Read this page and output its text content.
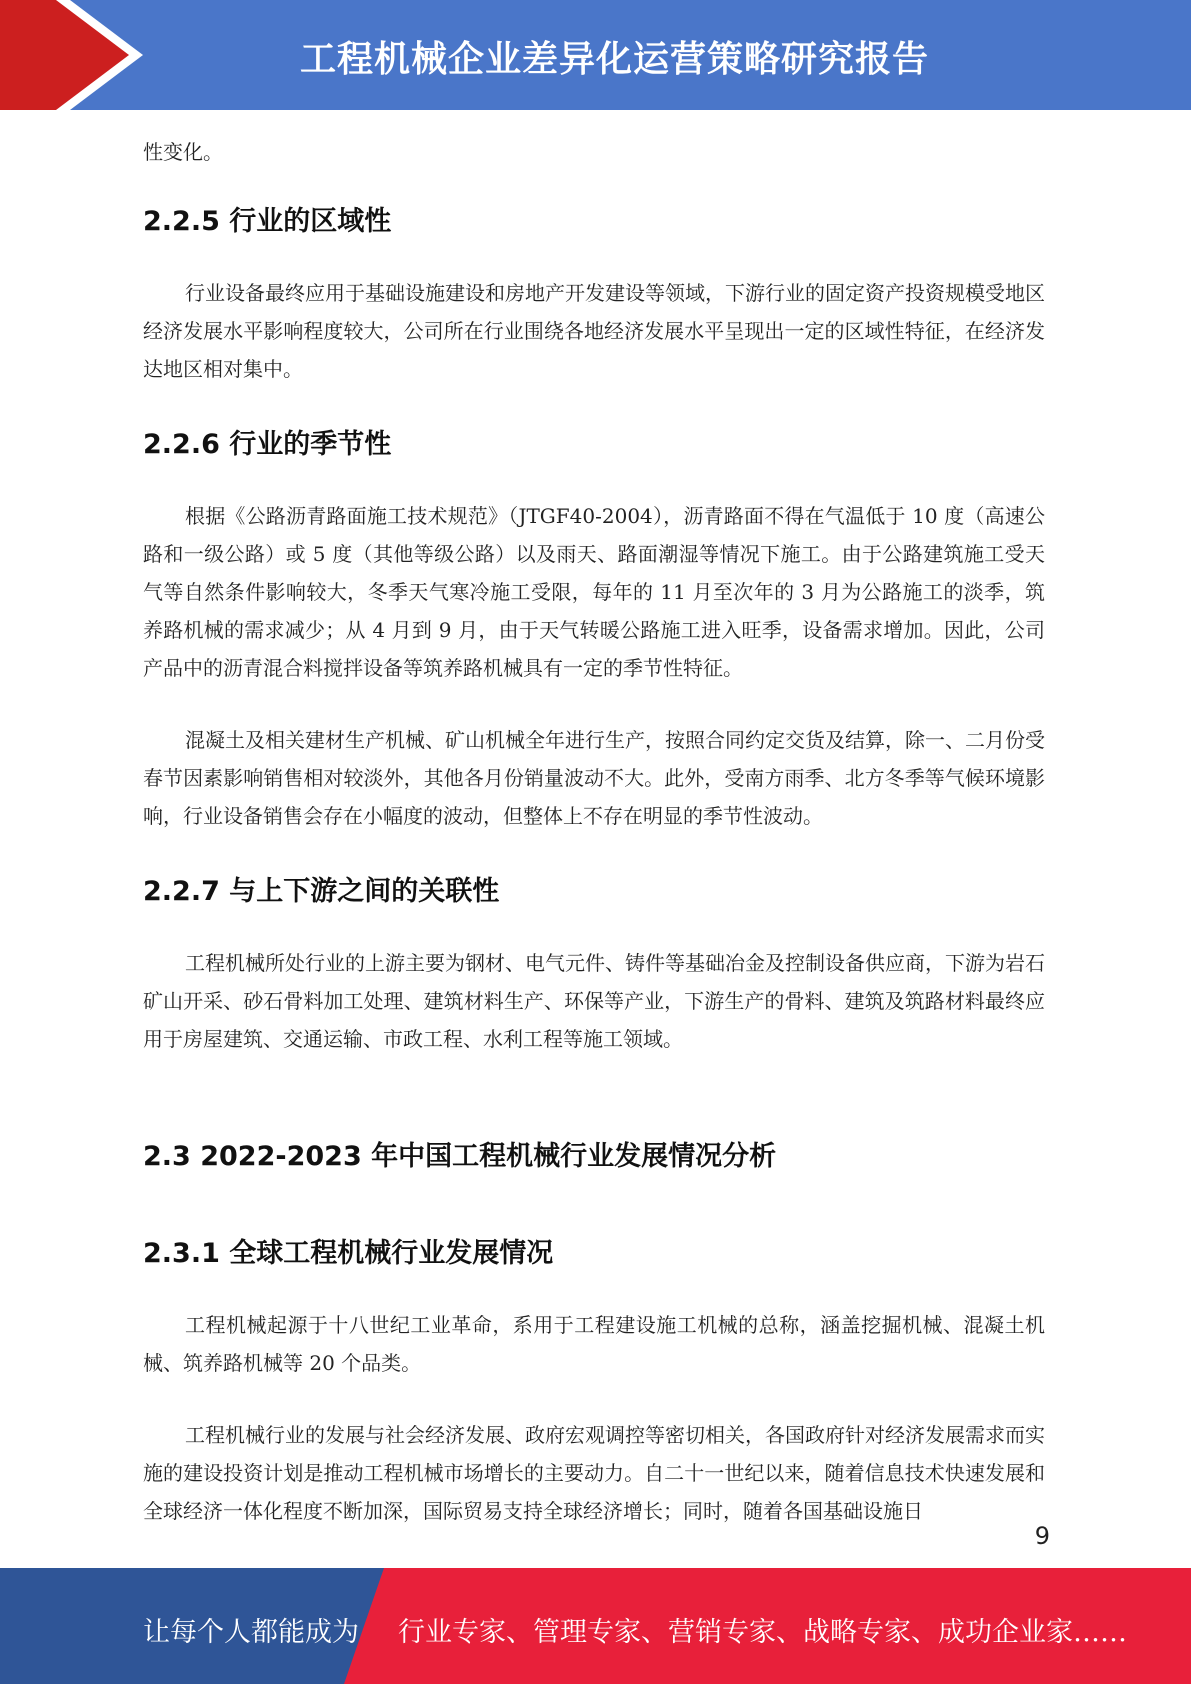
工程机械企业差异化运营策略研究报告

性变化。

2.2.5 行业的区域性

行业设备最终应用于基础设施建设和房地产开发建设等领域，下游行业的固定资产投资规模受地区经济发展水平影响程度较大，公司所在行业围绕各地经济发展水平呈现出一定的区域性特征，在经济发达地区相对集中。

2.2.6 行业的季节性

根据《公路沥青路面施工技术规范》（JTGF40-2004），沥青路面不得在气温低于 10 度（高速公路和一级公路）或 5 度（其他等级公路）以及雨天、路面潮湿等情况下施工。由于公路建筑施工受天气等自然条件影响较大，冬季天气寒冷施工受限，每年的 11 月至次年的 3 月为公路施工的淡季，筑养路机械的需求减少；从 4 月到 9 月，由于天气转暖公路施工进入旺季，设备需求增加。因此，公司产品中的沥青混合料搅拌设备等筑养路机械具有一定的季节性特征。

混凝土及相关建材生产机械、矿山机械全年进行生产，按照合同约定交货及结算，除一、二月份受春节因素影响销售相对较淡外，其他各月份销量波动不大。此外，受南方雨季、北方冬季等气候环境影响，行业设备销售会存在小幅度的波动，但整体上不存在明显的季节性波动。

2.2.7 与上下游之间的关联性

工程机械所处行业的上游主要为钢材、电气元件、铸件等基础冶金及控制设备供应商，下游为岩石矿山开采、砂石骨料加工处理、建筑材料生产、环保等产业，下游生产的骨料、建筑及筑路材料最终应用于房屋建筑、交通运输、市政工程、水利工程等施工领域。

2.3 2022-2023 年中国工程机械行业发展情况分析
2.3.1 全球工程机械行业发展情况

工程机械起源于十八世纪工业革命，系用于工程建设施工机械的总称，涵盖挖掘机械、混凝土机械、筑养路机械等 20 个品类。

工程机械行业的发展与社会经济发展、政府宏观调控等密切相关，各国政府针对经济发展需求而实施的建设投资计划是推动工程机械市场增长的主要动力。自二十一世纪以来，随着信息技术快速发展和全球经济一体化程度不断加深，国际贸易支持全球经济增长；同时，随着各国基础设施日

9
让每个人都能成为 行业专家、管理专家、营销专家、战略专家、成功企业家……
